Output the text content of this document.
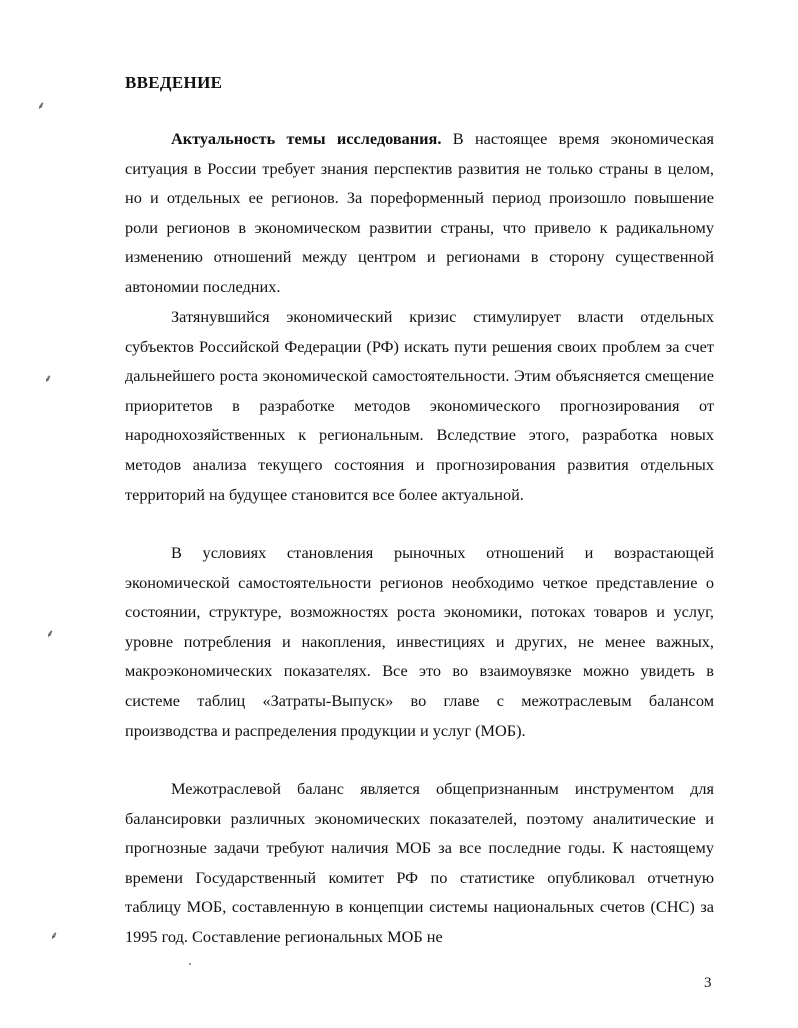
ВВЕДЕНИЕ

Актуальность темы исследования. В настоящее время экономическая ситуация в России требует знания перспектив развития не только страны в целом, но и отдельных ее регионов. За пореформенный период произошло повышение роли регионов в экономическом развитии страны, что привело к радикальному изменению отношений между центром и регионами в сторону существенной автономии последних.

Затянувшийся экономический кризис стимулирует власти отдельных субъектов Российской Федерации (РФ) искать пути решения своих проблем за счет дальнейшего роста экономической самостоятельности. Этим объясняется смещение приоритетов в разработке методов экономического прогнозирования от народнохозяйственных к региональным. Вследствие этого, разработка новых методов анализа текущего состояния и прогнозирования развития отдельных территорий на будущее становится все более актуальной.

В условиях становления рыночных отношений и возрастающей экономической самостоятельности регионов необходимо четкое представление о состоянии, структуре, возможностях роста экономики, потоках товаров и услуг, уровне потребления и накопления, инвестициях и других, не менее важных, макроэкономических показателях. Все это во взаимоувязке можно увидеть в системе таблиц «Затраты-Выпуск» во главе с межотраслевым балансом производства и распределения продукции и услуг (МОБ).

Межотраслевой баланс является общепризнанным инструментом для балансировки различных экономических показателей, поэтому аналитические и прогнозные задачи требуют наличия МОБ за все последние годы. К настоящему времени Государственный комитет РФ по статистике опубликовал отчетную таблицу МОБ, составленную в концепции системы национальных счетов (СНС) за 1995 год. Составление региональных МОБ не

3
⸙
⸙
⸙
⸙
